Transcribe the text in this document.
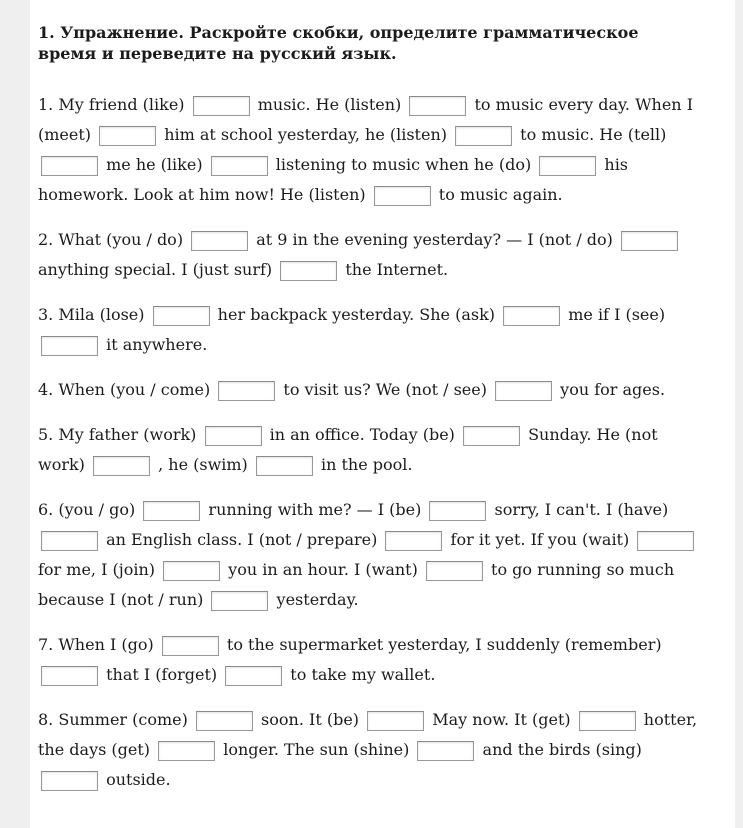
1. Упражнение. Раскройте скобки, определите грамматическое время и переведите на русский язык.

1. My friend (like)	music. He (listen)	to music every day. When I (meet)	him at school yesterday, he (listen)	to music. He (tell)  me he (like)	listening to music when he (do)	his homework. Look at him now! He (listen)	to music again.

2. What (you / do)	at 9 in the evening yesterday? — I (not / do)  anything special. I (just surf)	the Internet.

3. Mila (lose)	her backpack yesterday. She (ask)	me if I (see)  it anywhere.

4. When (you / come)	to visit us? We (not / see)	you for ages.

5. My father (work)	in an office. Today (be)	Sunday. He (not work)	, he (swim)	in the pool.

6. (you / go)	running with me? — I (be)	sorry, I can't. I (have)  an English class. I (not / prepare)	for it yet. If you (wait)  for me, I (join)	you in an hour. I (want)	to go running so much because I (not / run)	yesterday.

7. When I (go)	to the supermarket yesterday, I suddenly (remember)  that I (forget)	to take my wallet.

8. Summer (come)	soon. It (be)	May now. It (get)	hotter, the days (get)	longer. The sun (shine)	and the birds (sing)  outside.
